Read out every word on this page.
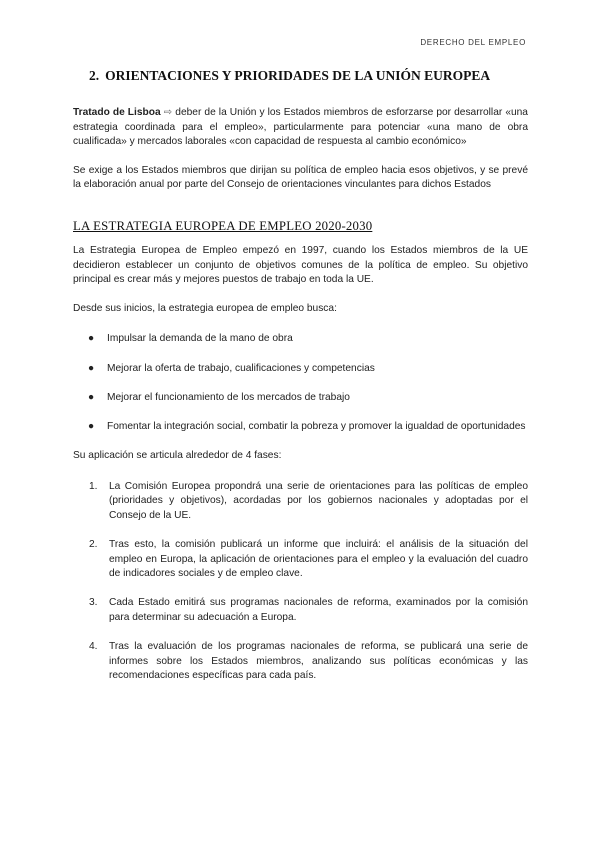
DERECHO DEL EMPLEO
2. ORIENTACIONES Y PRIORIDADES DE LA UNIÓN EUROPEA

Tratado de Lisboa ⇨ deber de la Unión y los Estados miembros de esforzarse por desarrollar «una estrategia coordinada para el empleo», particularmente para potenciar «una mano de obra cualificada» y mercados laborales «con capacidad de respuesta al cambio económico»

Se exige a los Estados miembros que dirijan su política de empleo hacia esos objetivos, y se prevé la elaboración anual por parte del Consejo de orientaciones vinculantes para dichos Estados

LA ESTRATEGIA EUROPEA DE EMPLEO 2020-2030

La Estrategia Europea de Empleo empezó en 1997, cuando los Estados miembros de la UE decidieron establecer un conjunto de objetivos comunes de la política de empleo. Su objetivo principal es crear más y mejores puestos de trabajo en toda la UE.

Desde sus inicios, la estrategia europea de empleo busca:

● Impulsar la demanda de la mano de obra
● Mejorar la oferta de trabajo, cualificaciones y competencias
● Mejorar el funcionamiento de los mercados de trabajo
● Fomentar la integración social, combatir la pobreza y promover la igualdad de oportunidades

Su aplicación se articula alrededor de 4 fases:

1. La Comisión Europea propondrá una serie de orientaciones para las políticas de empleo (prioridades y objetivos), acordadas por los gobiernos nacionales y adoptadas por el Consejo de la UE.
2. Tras esto, la comisión publicará un informe que incluirá: el análisis de la situación del empleo en Europa, la aplicación de orientaciones para el empleo y la evaluación del cuadro de indicadores sociales y de empleo clave.
3. Cada Estado emitirá sus programas nacionales de reforma, examinados por la comisión para determinar su adecuación a Europa.
4. Tras la evaluación de los programas nacionales de reforma, se publicará una serie de informes sobre los Estados miembros, analizando sus políticas económicas y las recomendaciones específicas para cada país.
